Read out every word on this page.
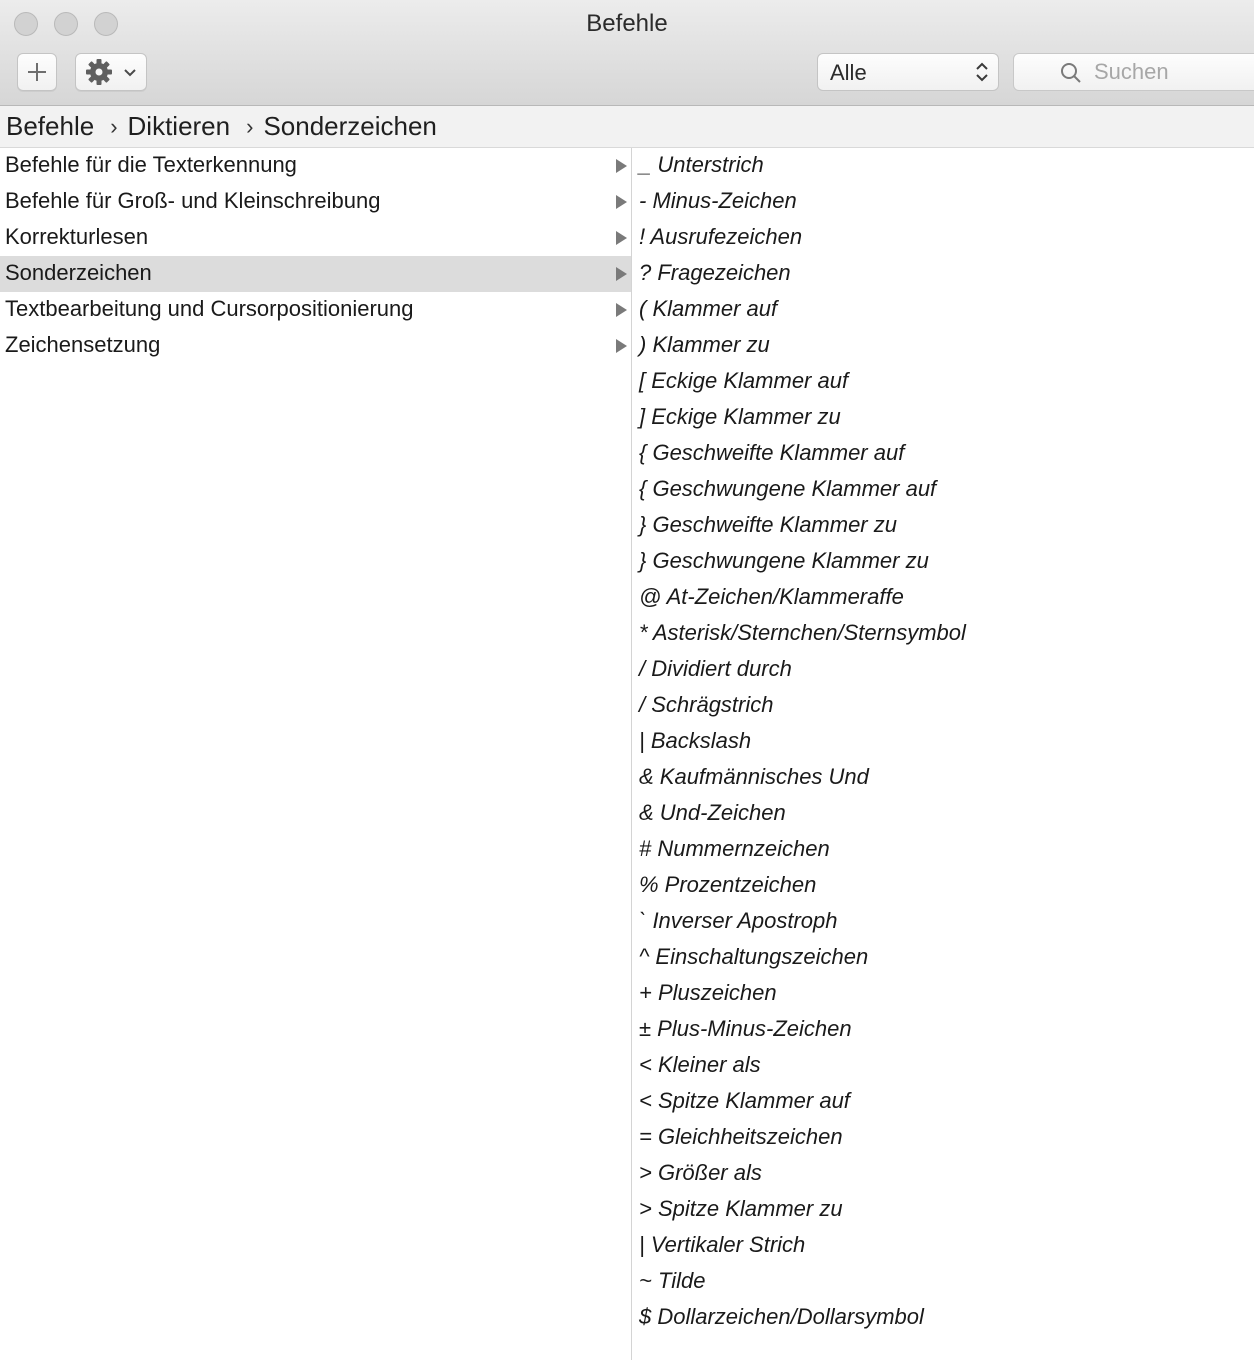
Befehle
Alle
Suchen
Befehle › Diktieren › Sonderzeichen
Befehle für die Texterkennung
Befehle für Groß- und Kleinschreibung
Korrekturlesen
Sonderzeichen
Textbearbeitung und Cursorpositionierung
Zeichensetzung
_ Unterstrich
- Minus-Zeichen
! Ausrufezeichen
? Fragezeichen
( Klammer auf
) Klammer zu
[ Eckige Klammer auf
] Eckige Klammer zu
{ Geschweifte Klammer auf
{ Geschwungene Klammer auf
} Geschweifte Klammer zu
} Geschwungene Klammer zu
@ At-Zeichen/Klammeraffe
* Asterisk/Sternchen/Sternsymbol
/ Dividiert durch
/ Schrägstrich
| Backslash
& Kaufmännisches Und
& Und-Zeichen
# Nummernzeichen
% Prozentzeichen
` Inverser Apostroph
^ Einschaltungszeichen
+ Pluszeichen
± Plus-Minus-Zeichen
< Kleiner als
< Spitze Klammer auf
= Gleichheitszeichen
> Größer als
> Spitze Klammer zu
| Vertikaler Strich
~ Tilde
$ Dollarzeichen/Dollarsymbol
